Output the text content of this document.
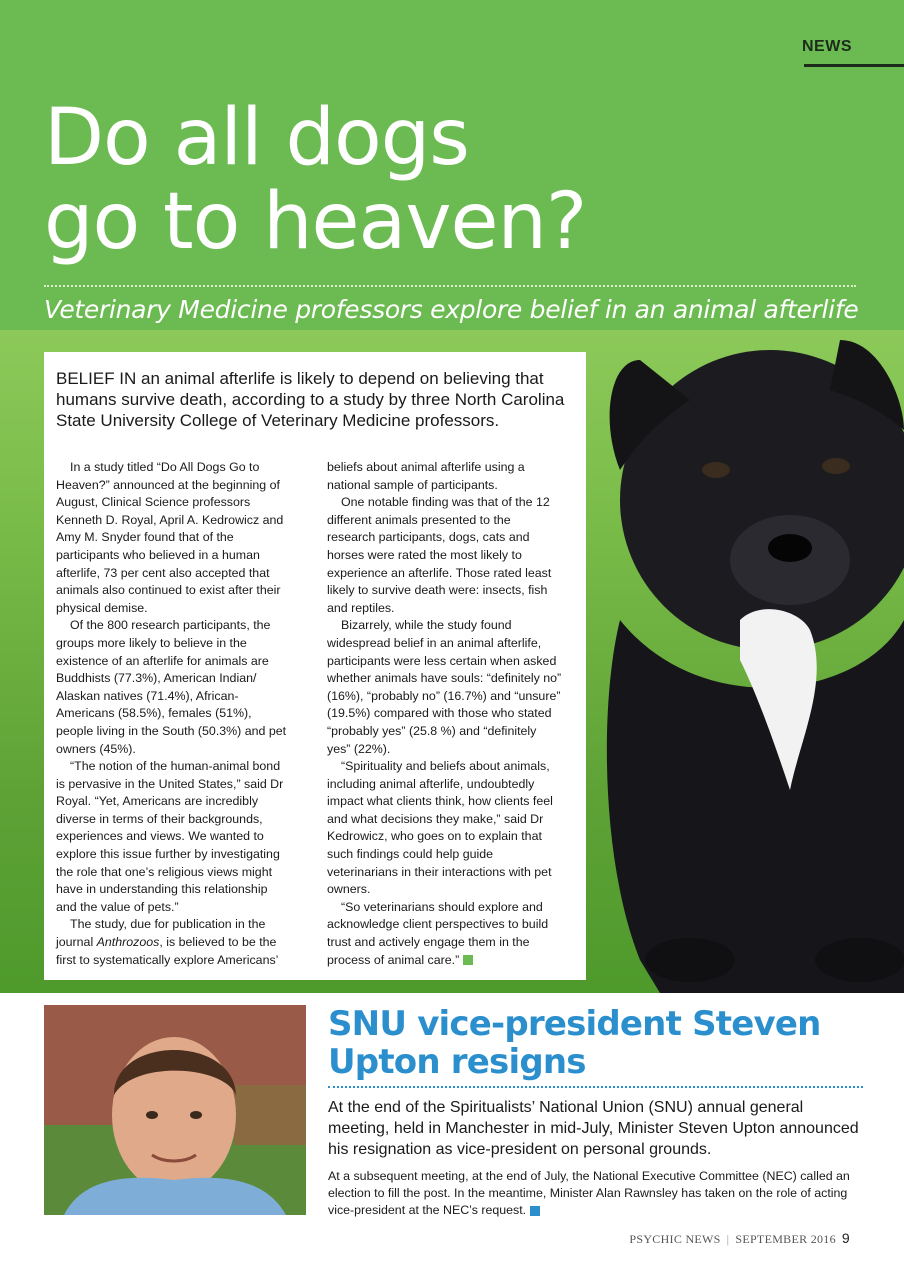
NEWS
Do all dogs
go to heaven?
Veterinary Medicine professors explore belief in an animal afterlife

BELIEF IN an animal afterlife is likely to depend on believing that humans survive death, according to a study by three North Carolina State University College of Veterinary Medicine professors.

In a study titled “Do All Dogs Go to Heaven?” announced at the beginning of August, Clinical Science professors Kenneth D. Royal, April A. Kedrowicz and Amy M. Snyder found that of the participants who believed in a human afterlife, 73 per cent also accepted that animals also continued to exist after their physical demise.

Of the 800 research participants, the groups more likely to believe in the existence of an afterlife for animals are Buddhists (77.3%), American Indian/ Alaskan natives (71.4%), African-Americans (58.5%), females (51%), people living in the South (50.3%) and pet owners (45%).

“The notion of the human-animal bond is pervasive in the United States,” said Dr Royal. “Yet, Americans are incredibly diverse in terms of their backgrounds, experiences and views. We wanted to explore this issue further by investigating the role that one’s religious views might have in understanding this relationship and the value of pets.”

The study, due for publication in the journal Anthrozoos, is believed to be the first to systematically explore Americans’

beliefs about animal afterlife using a national sample of participants.

One notable finding was that of the 12 different animals presented to the research participants, dogs, cats and horses were rated the most likely to experience an afterlife. Those rated least likely to survive death were: insects, fish and reptiles.

Bizarrely, while the study found widespread belief in an animal afterlife, participants were less certain when asked whether animals have souls: “definitely no” (16%), “probably no” (16.7%) and “unsure” (19.5%) compared with those who stated “probably yes” (25.8 %) and “definitely yes” (22%).

“Spirituality and beliefs about animals, including animal afterlife, undoubtedly impact what clients think, how clients feel and what decisions they make,” said Dr Kedrowicz, who goes on to explain that such findings could help guide veterinarians in their interactions with pet owners.

“So veterinarians should explore and acknowledge client perspectives to build trust and actively engage them in the process of animal care.”

SNU vice-president Steven Upton resigns

At the end of the Spiritualists’ National Union (SNU) annual general meeting, held in Manchester in mid-July, Minister Steven Upton announced his resignation as vice-president on personal grounds.

At a subsequent meeting, at the end of July, the National Executive Committee (NEC) called an election to fill the post. In the meantime, Minister Alan Rawnsley has taken on the role of acting vice-president at the NEC’s request.

PSYCHIC NEWS | SEPTEMBER 2016 9
